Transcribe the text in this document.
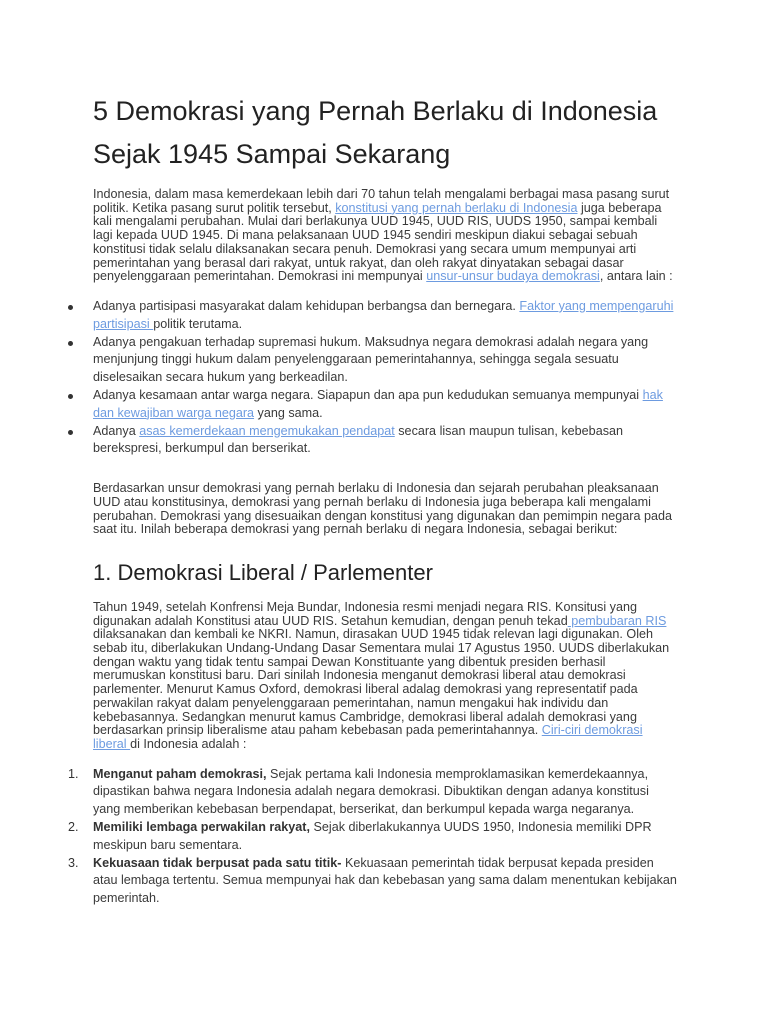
5 Demokrasi yang Pernah Berlaku di Indonesia Sejak 1945 Sampai Sekarang

Indonesia, dalam masa kemerdekaan lebih dari 70 tahun telah mengalami berbagai masa pasang surut politik. Ketika pasang surut politik tersebut, konstitusi yang pernah berlaku di Indonesia juga beberapa kali mengalami perubahan. Mulai dari berlakunya UUD 1945, UUD RIS, UUDS 1950, sampai kembali lagi kepada UUD 1945. Di mana pelaksanaan UUD 1945 sendiri meskipun diakui sebagai sebuah konstitusi tidak selalu dilaksanakan secara penuh. Demokrasi yang secara umum mempunyai arti pemerintahan yang berasal dari rakyat, untuk rakyat, dan oleh rakyat dinyatakan sebagai dasar penyelenggaraan pemerintahan. Demokrasi ini mempunyai unsur-unsur budaya demokrasi, antara lain :

Adanya partisipasi masyarakat dalam kehidupan berbangsa dan bernegara. Faktor yang mempengaruhi partisipasi politik terutama.
Adanya pengakuan terhadap supremasi hukum. Maksudnya negara demokrasi adalah negara yang menjunjung tinggi hukum dalam penyelenggaraan pemerintahannya, sehingga segala sesuatu diselesaikan secara hukum yang berkeadilan.
Adanya kesamaan antar warga negara. Siapapun dan apa pun kedudukan semuanya mempunyai hak dan kewajiban warga negara yang sama.
Adanya asas kemerdekaan mengemukakan pendapat secara lisan maupun tulisan, kebebasan berekspresi, berkumpul dan berserikat.

Berdasarkan unsur demokrasi yang pernah berlaku di Indonesia dan sejarah perubahan pleaksanaan UUD atau konstitusinya, demokrasi yang pernah berlaku di Indonesia juga beberapa kali mengalami perubahan. Demokrasi yang disesuaikan dengan konstitusi yang digunakan dan pemimpin negara pada saat itu. Inilah beberapa demokrasi yang pernah berlaku di negara Indonesia, sebagai berikut:

1. Demokrasi Liberal / Parlementer

Tahun 1949, setelah Konfrensi Meja Bundar, Indonesia resmi menjadi negara RIS. Konsitusi yang digunakan adalah Konstitusi atau UUD RIS. Setahun kemudian, dengan penuh tekad pembubaran RIS dilaksanakan dan kembali ke NKRI. Namun, dirasakan UUD 1945 tidak relevan lagi digunakan. Oleh sebab itu, diberlakukan Undang-Undang Dasar Sementara mulai 17 Agustus 1950. UUDS diberlakukan dengan waktu yang tidak tentu sampai Dewan Konstituante yang dibentuk presiden berhasil merumuskan konstitusi baru. Dari sinilah Indonesia menganut demokrasi liberal atau demokrasi parlementer. Menurut Kamus Oxford, demokrasi liberal adalag demokrasi yang representatif pada perwakilan rakyat dalam penyelenggaraan pemerintahan, namun mengakui hak individu dan kebebasannya. Sedangkan menurut kamus Cambridge, demokrasi liberal adalah demokrasi yang berdasarkan prinsip liberalisme atau paham kebebasan pada pemerintahannya. Ciri-ciri demokrasi liberal di Indonesia adalah :

1. Menganut paham demokrasi, Sejak pertama kali Indonesia memproklamasikan kemerdekaannya, dipastikan bahwa negara Indonesia adalah negara demokrasi. Dibuktikan dengan adanya konstitusi yang memberikan kebebasan berpendapat, berserikat, dan berkumpul kepada warga negaranya.
2. Memiliki lembaga perwakilan rakyat, Sejak diberlakukannya UUDS 1950, Indonesia memiliki DPR meskipun baru sementara.
3. Kekuasaan tidak berpusat pada satu titik- Kekuasaan pemerintah tidak berpusat kepada presiden atau lembaga tertentu. Semua mempunyai hak dan kebebasan yang sama dalam menentukan kebijakan pemerintah.
